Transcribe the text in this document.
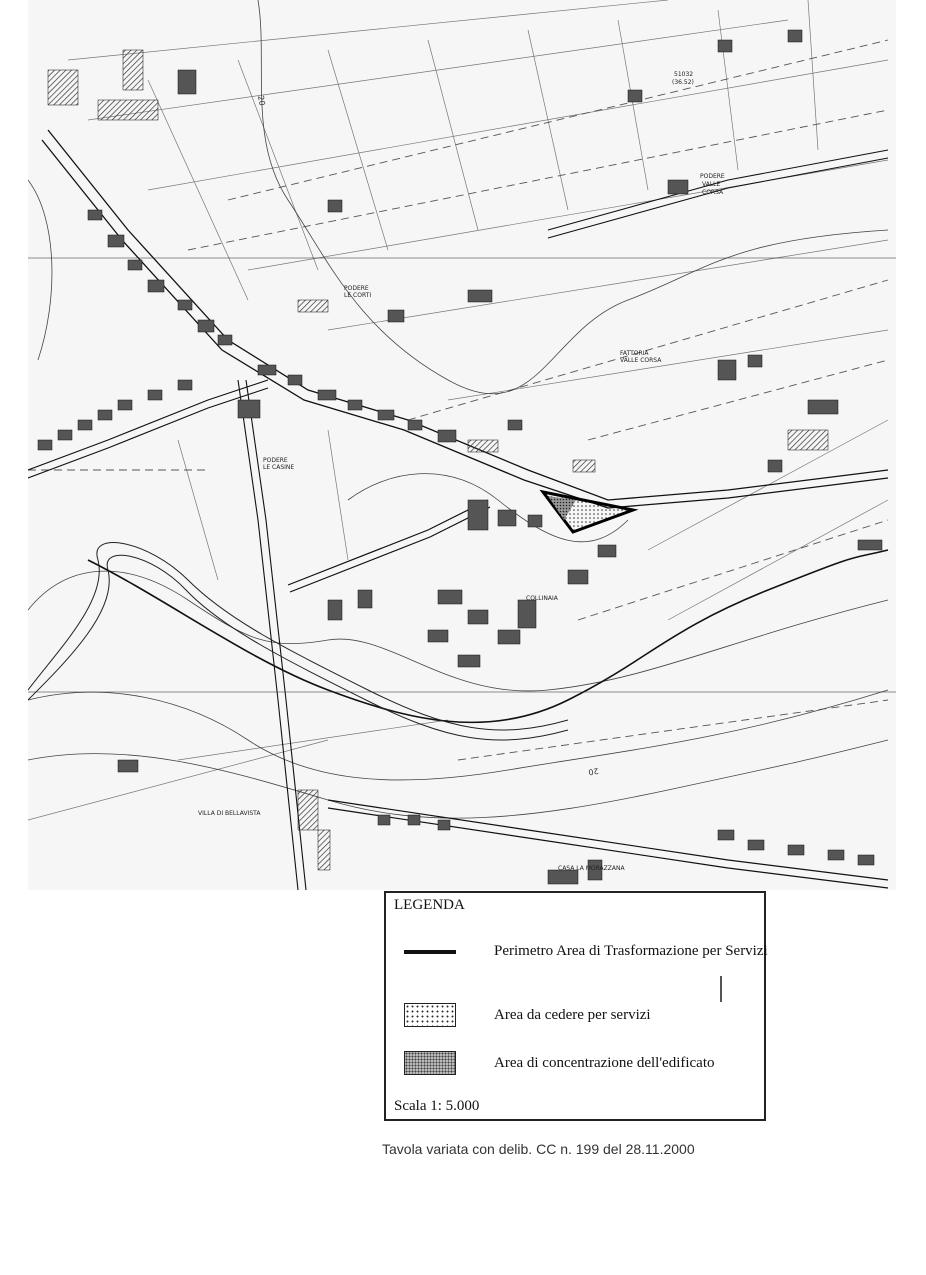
PODERE
LE CORTI
PODERE
LE CASINE
PODERE
VALLE
CORSA
FATTORIA
VALLE CORSA
COLLINAIA
VILLA DI BELLAVISTA
CASA LA MORAZZANA
51032
(36.52)
20
20
LEGENDA
Perimetro Area di Trasformazione per Servizi
Area da cedere per servizi
Area di concentrazione dell'edificato
Scala 1: 5.000
Tavola variata con delib. CC n. 199 del 28.11.2000
